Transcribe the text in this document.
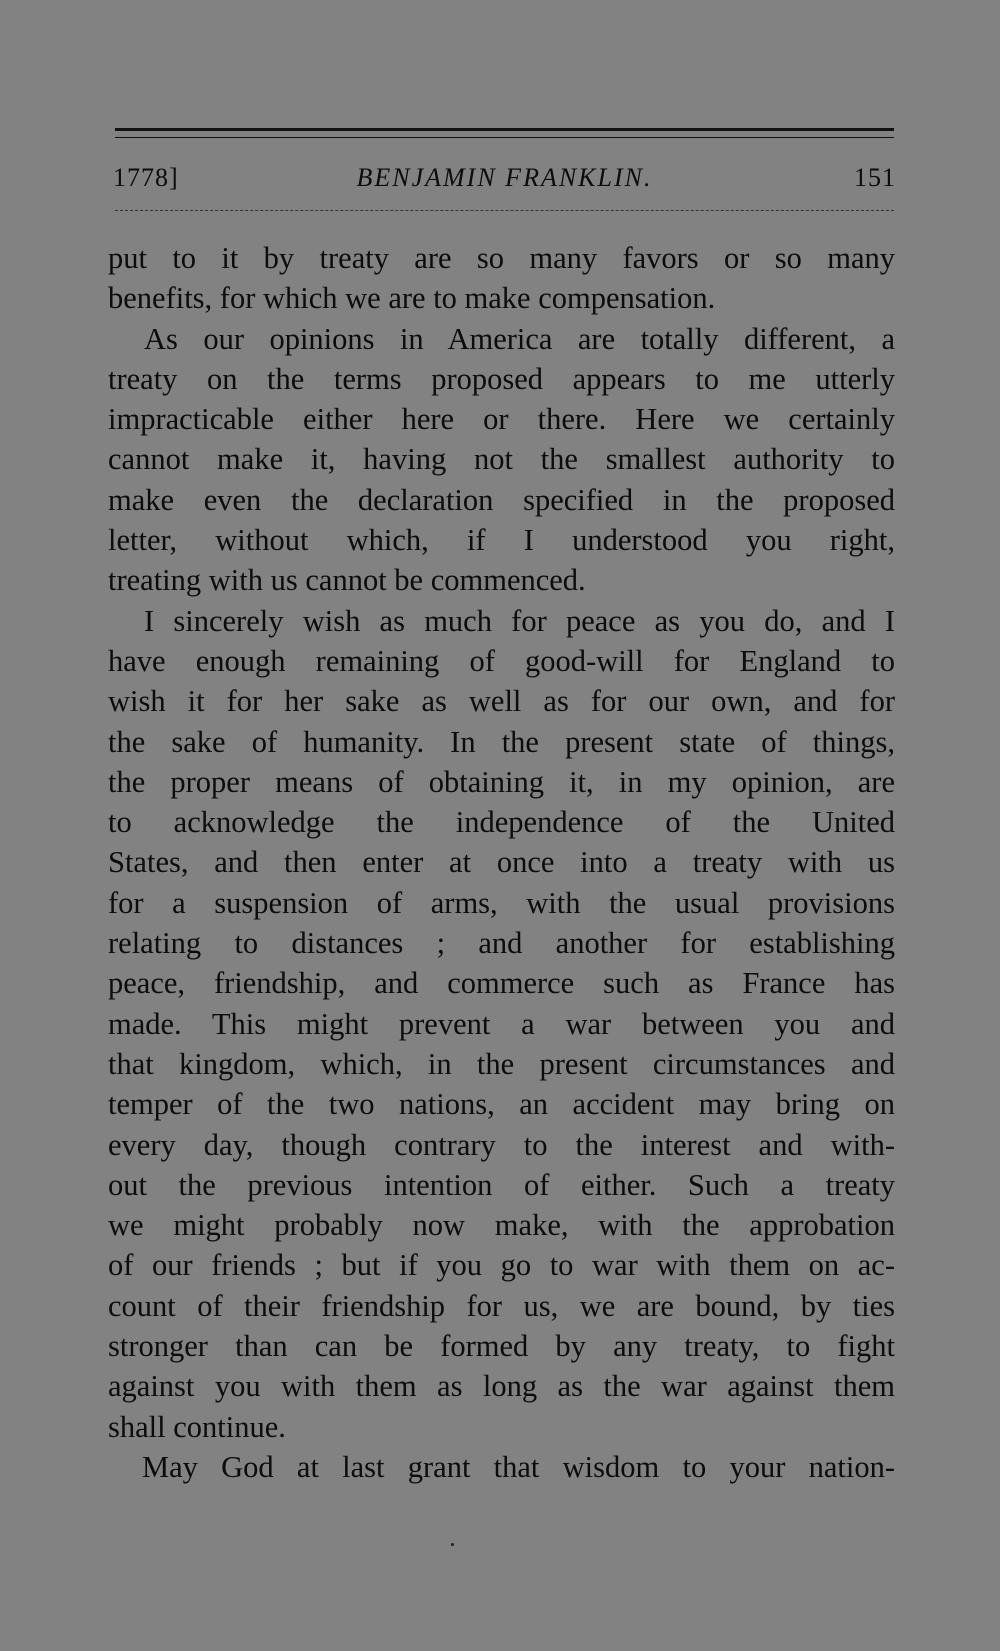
1778]	BENJAMIN FRANKLIN.	151
put to it by treaty are so many favors or so many
benefits, for which we are to make compensation.
As our opinions in America are totally different, a
treaty on the terms proposed appears to me utterly
impracticable either here or there. Here we certainly
cannot make it, having not the smallest authority to
make even the declaration specified in the proposed
letter, without which, if I understood you right,
treating with us cannot be commenced.
I sincerely wish as much for peace as you do, and I
have enough remaining of good-will for England to
wish it for her sake as well as for our own, and for
the sake of humanity. In the present state of things,
the proper means of obtaining it, in my opinion, are
to acknowledge the independence of the United
States, and then enter at once into a treaty with us
for a suspension of arms, with the usual provisions
relating to distances ; and another for establishing
peace, friendship, and commerce such as France has
made. This might prevent a war between you and
that kingdom, which, in the present circumstances and
temper of the two nations, an accident may bring on
every day, though contrary to the interest and with-
out the previous intention of either. Such a treaty
we might probably now make, with the approbation
of our friends ; but if you go to war with them on ac-
count of their friendship for us, we are bound, by ties
stronger than can be formed by any treaty, to fight
against you with them as long as the war against them
shall continue.
May God at last grant that wisdom to your nation-
